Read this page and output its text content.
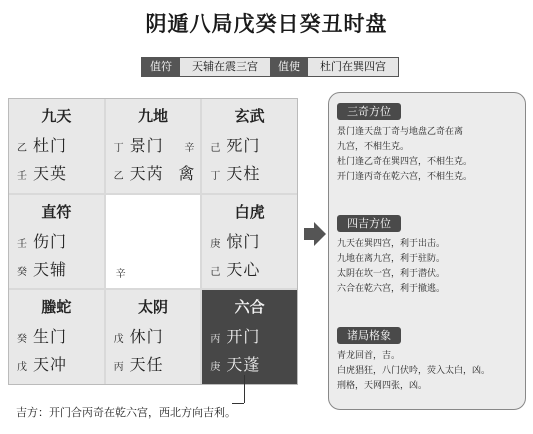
阴遁八局戊癸日癸丑时盘
值符	天辅在震三宫	值使	杜门在巽四宫
九天
乙 杜门
壬 天英
九地
丁 景门 辛
乙 天芮 禽
玄武
己 死门
丁 天柱
直符
壬 伤门
癸 天辅	辛
白虎
庚 惊门
己 天心
螣蛇
癸 生门
戊 天冲
太阴
戊 休门
丙 天任
六合
丙 开门
庚 天蓬
三奇方位
景门逢天盘丁奇与地盘乙奇在离
九宫，不相生克。
杜门逢乙奇在巽四宫，不相生克。
开门逢丙奇在乾六宫，不相生克。
四吉方位
九天在巽四宫，利于出击。
九地在离九宫，利于驻防。
太阴在坎一宫，利于潜伏。
六合在乾六宫，利于撤逃。
诸局格象
青龙回首，吉。
白虎猖狂，八门伏吟，荧入太白，凶。
刑格，天网四张，凶。
吉方：开门合丙奇在乾六宫，西北方向吉利。
